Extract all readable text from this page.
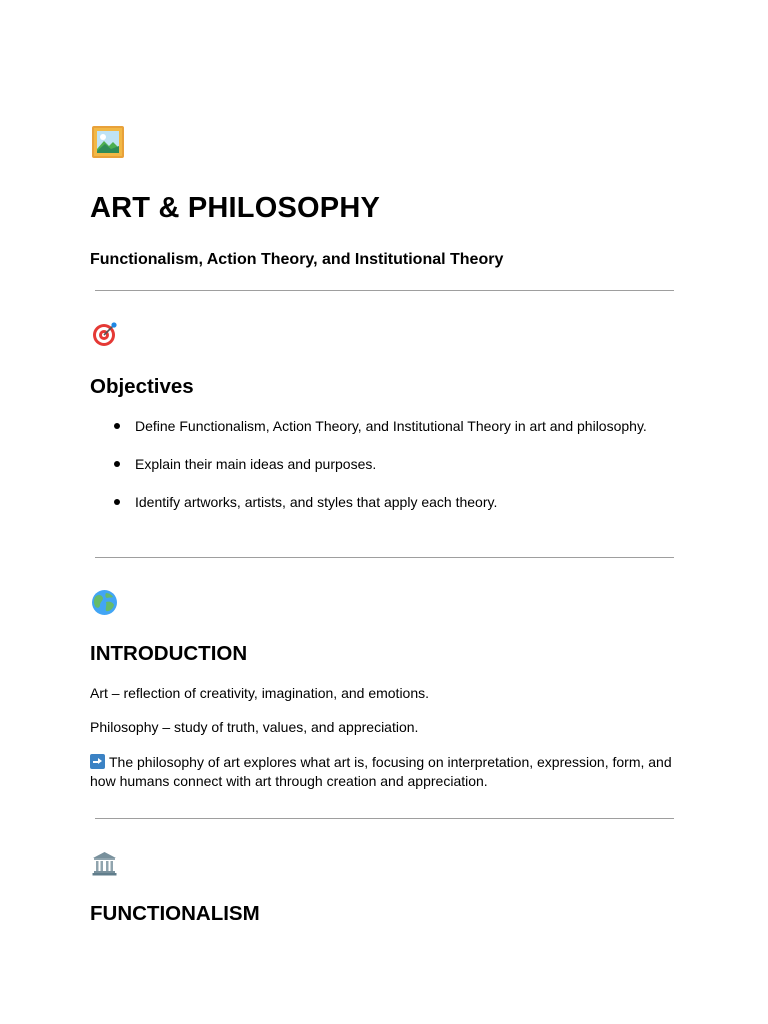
ART & PHILOSOPHY

Functionalism, Action Theory, and Institutional Theory

Objectives
Define Functionalism, Action Theory, and Institutional Theory in art and philosophy.
Explain their main ideas and purposes.
Identify artworks, artists, and styles that apply each theory.
INTRODUCTION

Art – reflection of creativity, imagination, and emotions.

Philosophy – study of truth, values, and appreciation.

The philosophy of art explores what art is, focusing on interpretation, expression, form, and how humans connect with art through creation and appreciation.

FUNCTIONALISM
